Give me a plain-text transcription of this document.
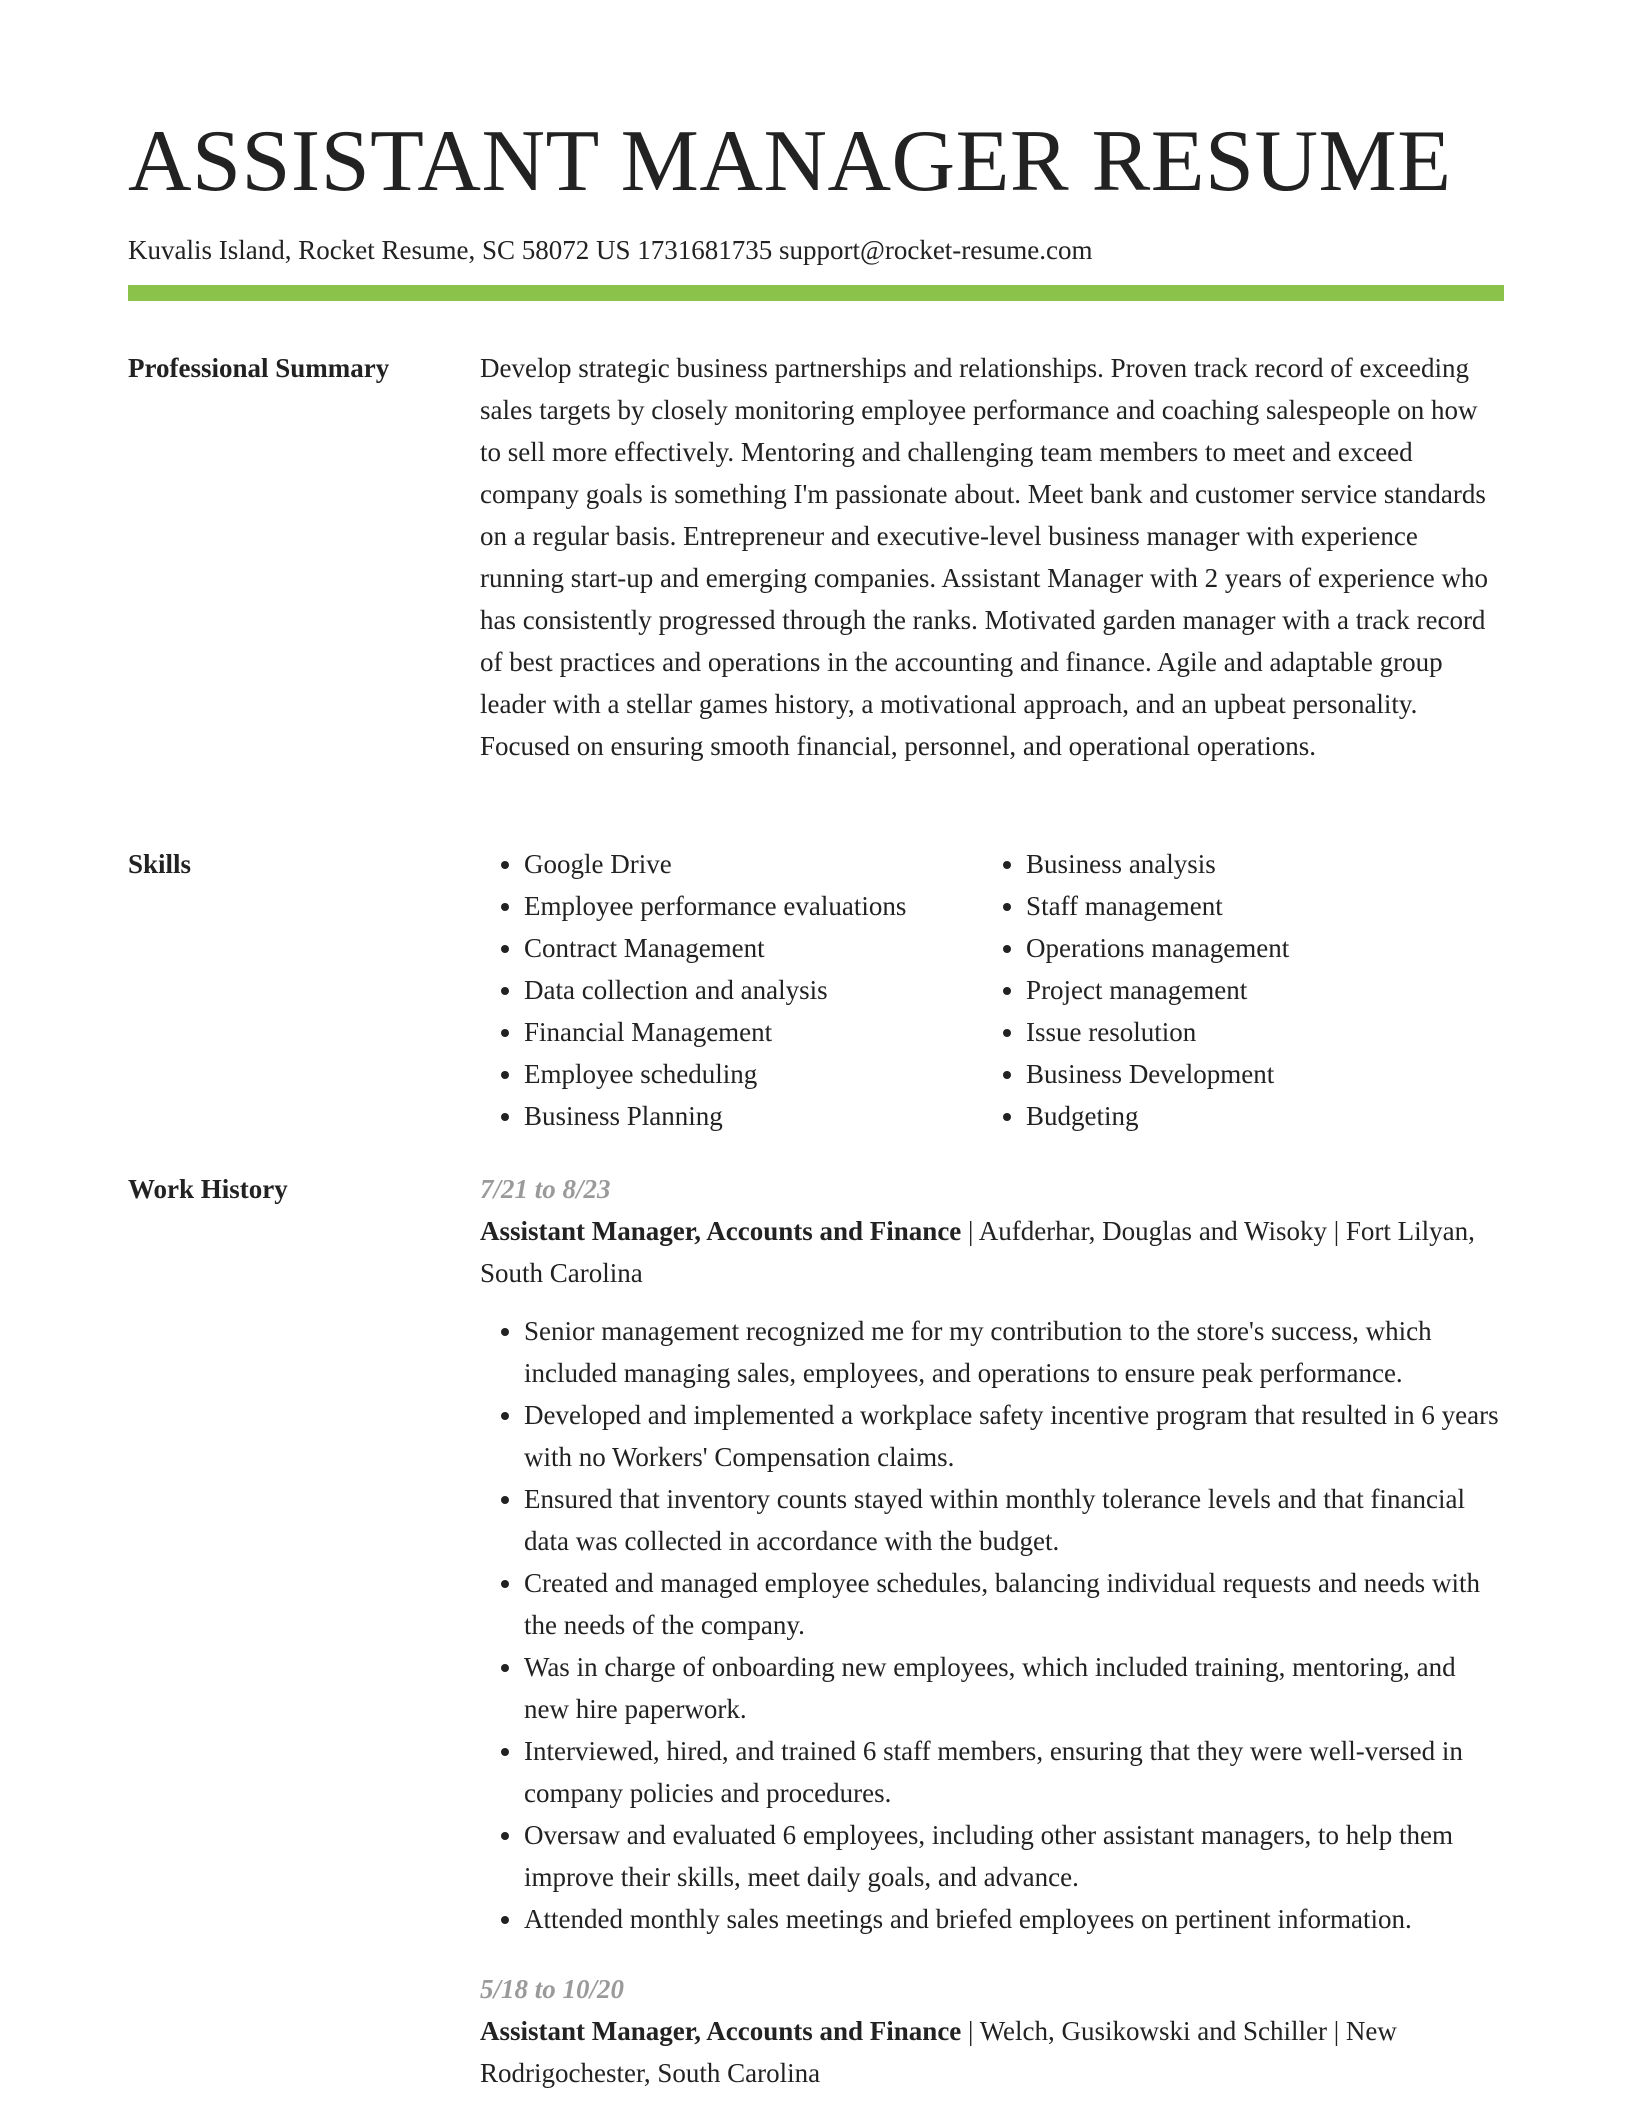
ASSISTANT MANAGER RESUME
Kuvalis Island, Rocket Resume, SC 58072 US 1731681735 support@rocket-resume.com
Professional Summary	Develop strategic business partnerships and relationships. Proven track record of exceeding sales targets by closely monitoring employee performance and coaching salespeople on how to sell more effectively. Mentoring and challenging team members to meet and exceed company goals is something I'm passionate about. Meet bank and customer service standards on a regular basis. Entrepreneur and executive-level business manager with experience running start-up and emerging companies. Assistant Manager with 2 years of experience who has consistently progressed through the ranks. Motivated garden manager with a track record of best practices and operations in the accounting and finance. Agile and adaptable group leader with a stellar games history, a motivational approach, and an upbeat personality. Focused on ensuring smooth financial, personnel, and operational operations.

Skills
•	Google Drive
• Employee performance evaluations
• Contract Management
• Data collection and analysis
• Financial Management
• Employee scheduling
• Business Planning
• Business analysis
• Staff management
• Operations management
• Project management
• Issue resolution
• Business Development
• Budgeting
Work History	7/21 to 8/23
Assistant Manager, Accounts and Finance | Aufderhar, Douglas and Wisoky | Fort Lilyan, South Carolina
• Senior management recognized me for my contribution to the store's success, which included managing sales, employees, and operations to ensure peak performance.
• Developed and implemented a workplace safety incentive program that resulted in 6 years with no Workers' Compensation claims.
• Ensured that inventory counts stayed within monthly tolerance levels and that financial data was collected in accordance with the budget.
• Created and managed employee schedules, balancing individual requests and needs with the needs of the company.
• Was in charge of onboarding new employees, which included training, mentoring, and new hire paperwork.
• Interviewed, hired, and trained 6 staff members, ensuring that they were well-versed in company policies and procedures.
• Oversaw and evaluated 6 employees, including other assistant managers, to help them improve their skills, meet daily goals, and advance.
• Attended monthly sales meetings and briefed employees on pertinent information.
5/18 to 10/20
Assistant Manager, Accounts and Finance | Welch, Gusikowski and Schiller | New Rodrigochester, South Carolina
